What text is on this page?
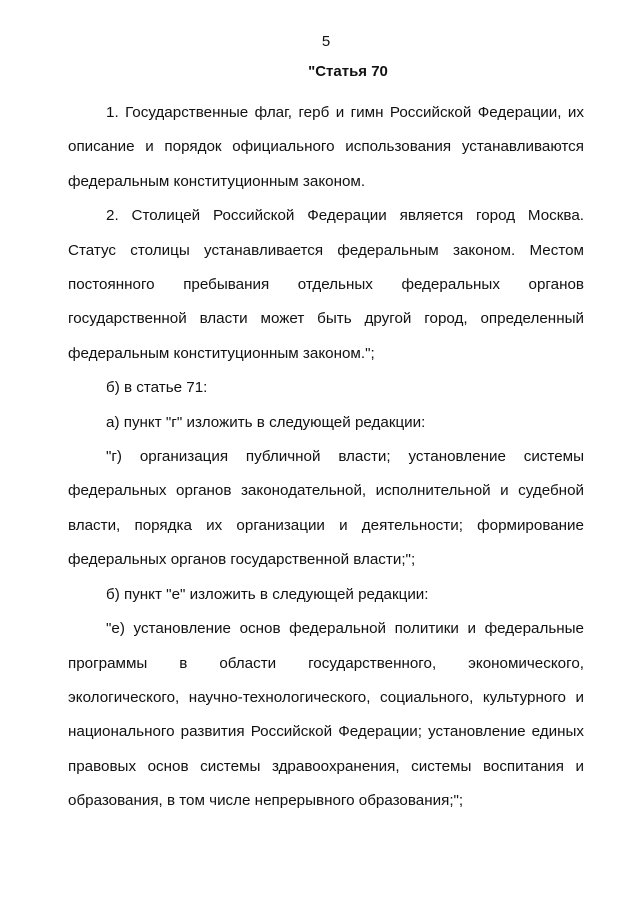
5
"Статья 70

1. Государственные флаг, герб и гимн Российской Федерации, их описание и порядок официального использования устанавливаются федеральным конституционным законом.

2. Столицей Российской Федерации является город Москва. Статус столицы устанавливается федеральным законом. Местом постоянного пребывания отдельных федеральных органов государственной власти может быть другой город, определенный федеральным конституционным законом.";

б) в статье 71:

а) пункт "г" изложить в следующей редакции:

"г) организация публичной власти; установление системы федеральных органов законодательной, исполнительной и судебной власти, порядка их организации и деятельности; формирование федеральных органов государственной власти;";

б) пункт "е" изложить в следующей редакции:

"е) установление основ федеральной политики и федеральные программы в области государственного, экономического, экологического, научно-технологического, социального, культурного и национального развития Российской Федерации; установление единых правовых основ системы здравоохранения, системы воспитания и образования, в том числе непрерывного образования;";
